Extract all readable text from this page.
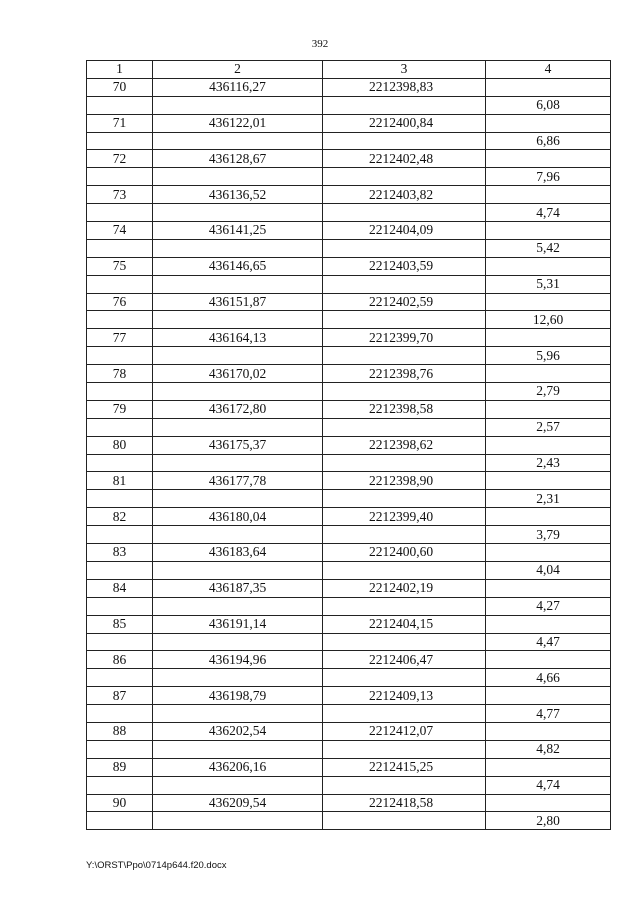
392
1	2	3	4
70	436116,27	2212398,83	
			6,08
71	436122,01	2212400,84	
			6,86
72	436128,67	2212402,48	
			7,96
73	436136,52	2212403,82	
			4,74
74	436141,25	2212404,09	
			5,42
75	436146,65	2212403,59	
			5,31
76	436151,87	2212402,59	
			12,60
77	436164,13	2212399,70	
			5,96
78	436170,02	2212398,76	
			2,79
79	436172,80	2212398,58	
			2,57
80	436175,37	2212398,62	
			2,43
81	436177,78	2212398,90	
			2,31
82	436180,04	2212399,40	
			3,79
83	436183,64	2212400,60	
			4,04
84	436187,35	2212402,19	
			4,27
85	436191,14	2212404,15	
			4,47
86	436194,96	2212406,47	
			4,66
87	436198,79	2212409,13	
			4,77
88	436202,54	2212412,07	
			4,82
89	436206,16	2212415,25	
			4,74
90	436209,54	2212418,58	
			2,80
Y:\ORST\Ppo\0714p644.f20.docx
